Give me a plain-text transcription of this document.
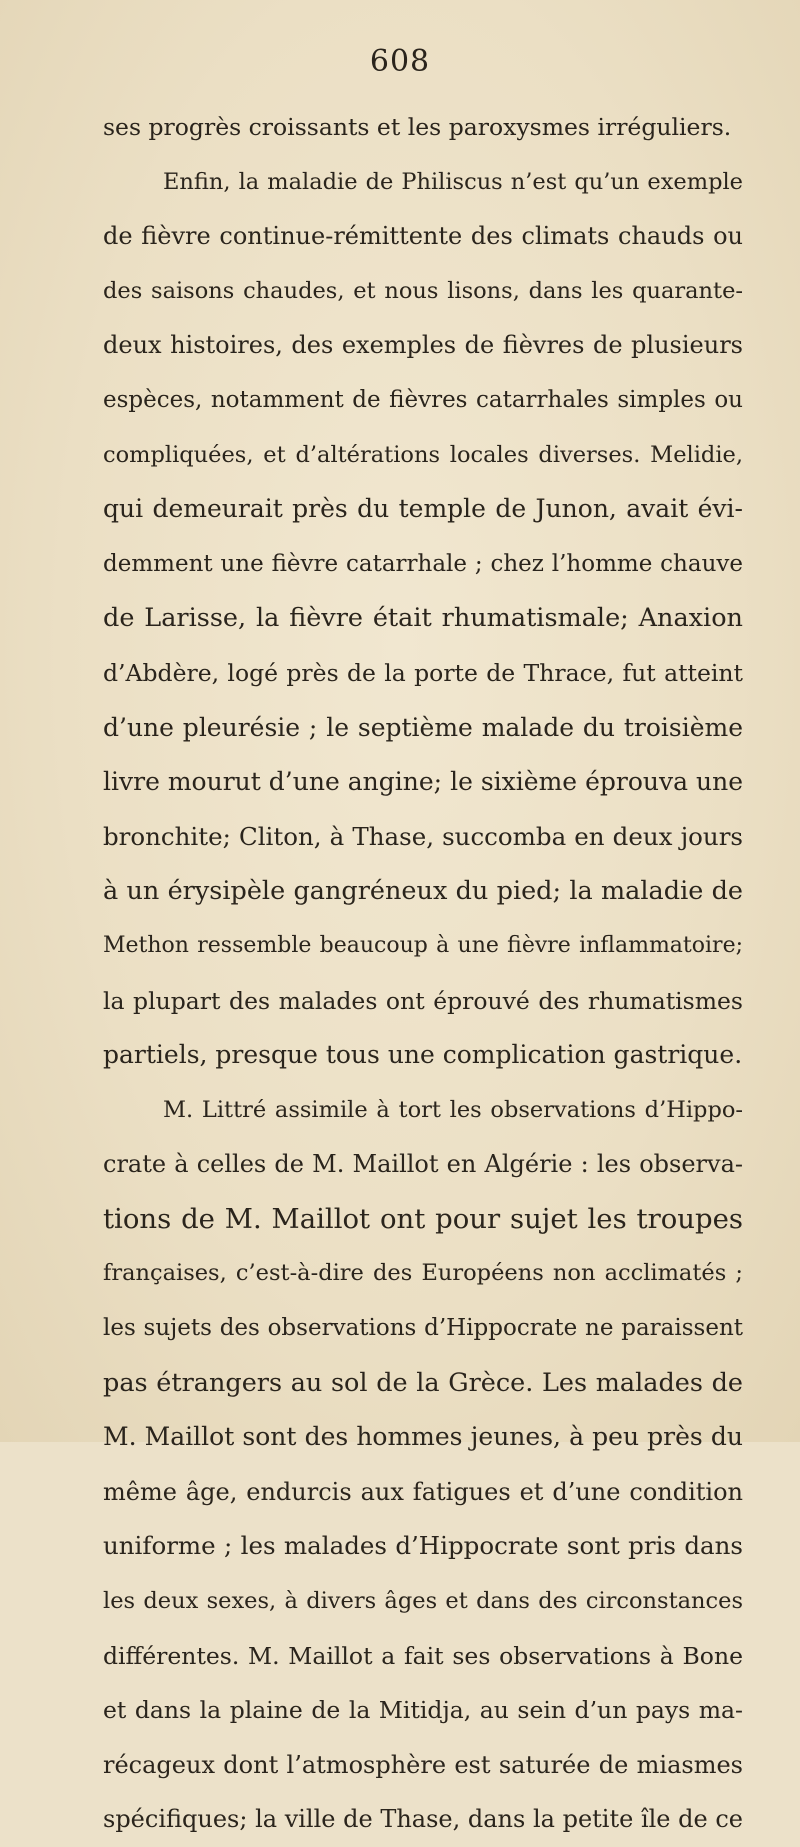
608
ses progrès croissants et les paroxysmes irréguliers.
Enfin, la maladie de Philiscus n’est qu’un exemple
de fièvre continue-rémittente des climats chauds ou
des saisons chaudes, et nous lisons, dans les quarante-
deux histoires, des exemples de fièvres de plusieurs
espèces, notamment de fièvres catarrhales simples ou
compliquées, et d’altérations locales diverses. Melidie,
qui demeurait près du temple de Junon, avait évi-
demment une fièvre catarrhale ; chez l’homme chauve
de Larisse, la fièvre était rhumatismale; Anaxion
d’Abdère, logé près de la porte de Thrace, fut atteint
d’une pleurésie ; le septième malade du troisième
livre mourut d’une angine; le sixième éprouva une
bronchite; Cliton, à Thase, succomba en deux jours
à un érysipèle gangréneux du pied; la maladie de
Methon ressemble beaucoup à une fièvre inflammatoire;
la plupart des malades ont éprouvé des rhumatismes
partiels, presque tous une complication gastrique.
M. Littré assimile à tort les observations d’Hippo-
crate à celles de M. Maillot en Algérie : les observa-
tions de M. Maillot ont pour sujet les troupes
françaises, c’est-à-dire des Européens non acclimatés ;
les sujets des observations d’Hippocrate ne paraissent
pas étrangers au sol de la Grèce. Les malades de
M. Maillot sont des hommes jeunes, à peu près du
même âge, endurcis aux fatigues et d’une condition
uniforme ; les malades d’Hippocrate sont pris dans
les deux sexes, à divers âges et dans des circonstances
différentes. M. Maillot a fait ses observations à Bone
et dans la plaine de la Mitidja, au sein d’un pays ma-
récageux dont l’atmosphère est saturée de miasmes
spécifiques; la ville de Thase, dans la petite île de ce
